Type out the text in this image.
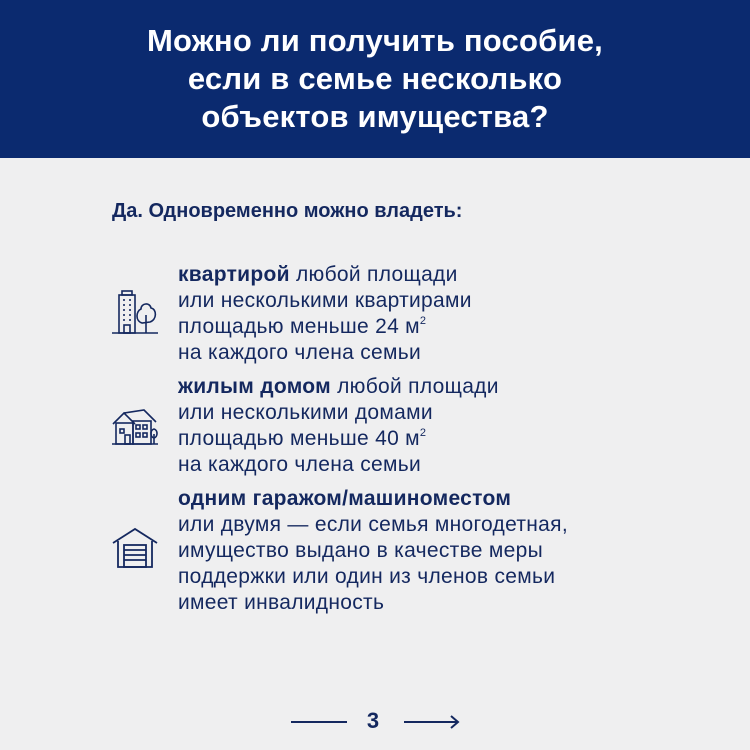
Можно ли получить пособие,
если в семье несколько
объектов имущества?

Да. Одновременно можно владеть:

квартирой любой площади
или несколькими квартирами
площадью меньше 24 $м^2$
на каждого члена семьи
жилым домом любой площади
или несколькими домами
площадью меньше 40 $м^2$
на каждого члена семьи
одним гаражом/машиноместом
или двумя — если семья многодетная,
имущество выдано в качестве меры
поддержки или один из членов семьи
имеет инвалидность
3
